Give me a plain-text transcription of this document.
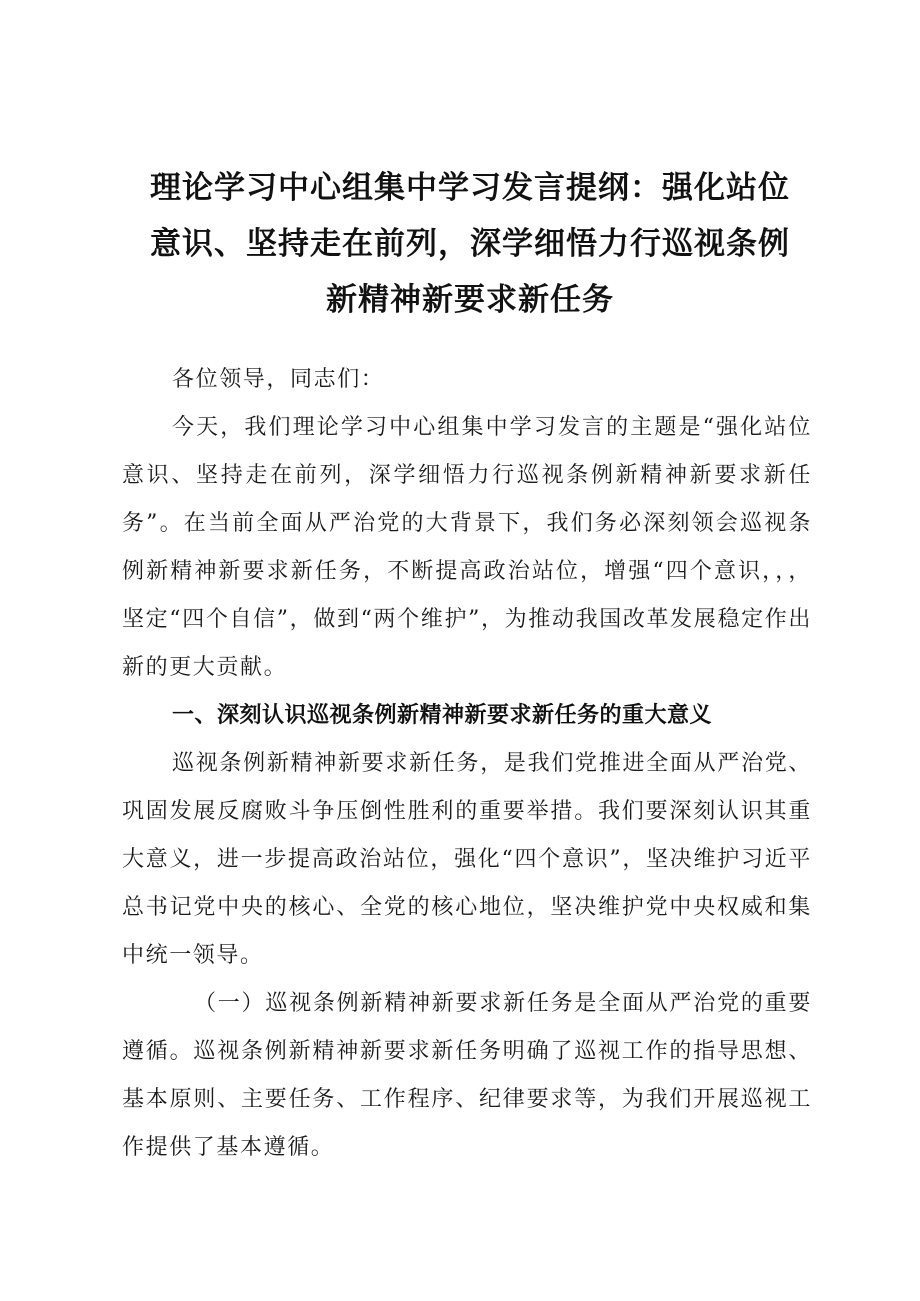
理论学习中心组集中学习发言提纲：强化站位意识、坚持走在前列，深学细悟力行巡视条例新精神新要求新任务

各位领导，同志们：

今天，我们理论学习中心组集中学习发言的主题是“强化站位意识、坚持走在前列，深学细悟力行巡视条例新精神新要求新任务”。在当前全面从严治党的大背景下，我们务必深刻领会巡视条例新精神新要求新任务，不断提高政治站位，增强“四个意识，，，坚定“四个自信”，做到“两个维护”，为推动我国改革发展稳定作出新的更大贡献。

一、深刻认识巡视条例新精神新要求新任务的重大意义

巡视条例新精神新要求新任务，是我们党推进全面从严治党、巩固发展反腐败斗争压倒性胜利的重要举措。我们要深刻认识其重大意义，进一步提高政治站位，强化“四个意识”，坚决维护习近平总书记党中央的核心、全党的核心地位，坚决维护党中央权威和集中统一领导。

（一）巡视条例新精神新要求新任务是全面从严治党的重要遵循。巡视条例新精神新要求新任务明确了巡视工作的指导思想、基本原则、主要任务、工作程序、纪律要求等，为我们开展巡视工作提供了基本遵循。
